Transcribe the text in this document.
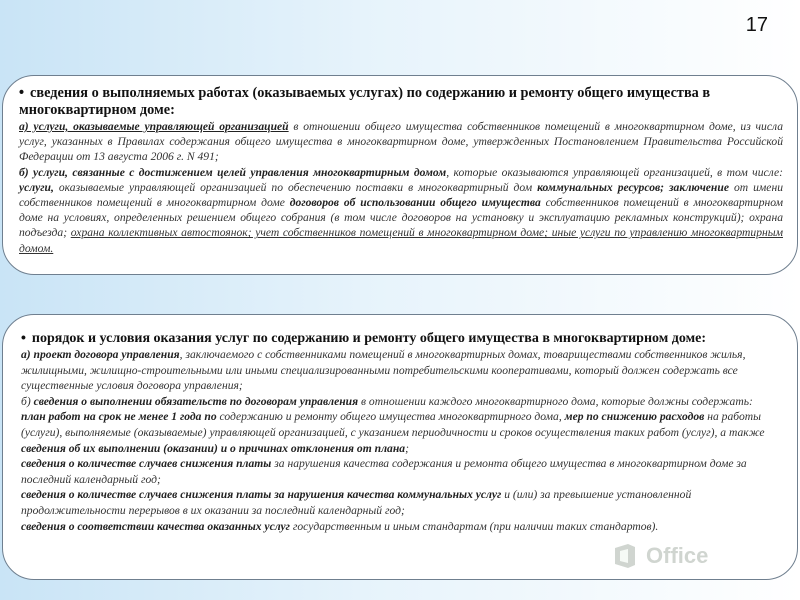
17

• сведения о выполняемых работах (оказываемых услугах) по содержанию и ремонту общего имущества в многоквартирном доме:

а) услуги, оказываемые управляющей организацией в отношении общего имущества собственников помещений в многоквартирном доме, из числа услуг, указанных в Правилах содержания общего имущества в многоквартирном доме, утвержденных Постановлением Правительства Российской Федерации от 13 августа 2006 г. N 491;

б) услуги, связанные с достижением целей управления многоквартирным домом, которые оказываются управляющей организацией, в том числе: услуги, оказываемые управляющей организацией по обеспечению поставки в многоквартирный дом коммунальных ресурсов; заключение от имени собственников помещений в многоквартирном доме договоров об использовании общего имущества собственников помещений в многоквартирном доме на условиях, определенных решением общего собрания (в том числе договоров на установку и эксплуатацию рекламных конструкций); охрана подъезда; охрана коллективных автостоянок; учет собственников помещений в многоквартирном доме; иные услуги по управлению многоквартирным домом.

• порядок и условия оказания услуг по содержанию и ремонту общего имущества в многоквартирном доме:

а) проект договора управления, заключаемого с собственниками помещений в многоквартирных домах, товариществами собственников жилья, жилищными, жилищно-строительными или иными специализированными потребительскими кооперативами, который должен содержать все существенные условия договора управления;

б) сведения о выполнении обязательств по договорам управления в отношении каждого многоквартирного дома, которые должны содержать:

план работ на срок не менее 1 года по содержанию и ремонту общего имущества многоквартирного дома, мер по снижению расходов на работы (услуги), выполняемые (оказываемые) управляющей организацией, с указанием периодичности и сроков осуществления таких работ (услуг), а также сведения об их выполнении (оказании) и о причинах отклонения от плана;

сведения о количестве случаев снижения платы за нарушения качества содержания и ремонта общего имущества в многоквартирном доме за последний календарный год;

сведения о количестве случаев снижения платы за нарушения качества коммунальных услуг и (или) за превышение установленной продолжительности перерывов в их оказании за последний календарный год;

сведения о соответствии качества оказанных услуг государственным и иным стандартам (при наличии таких стандартов).

Office
